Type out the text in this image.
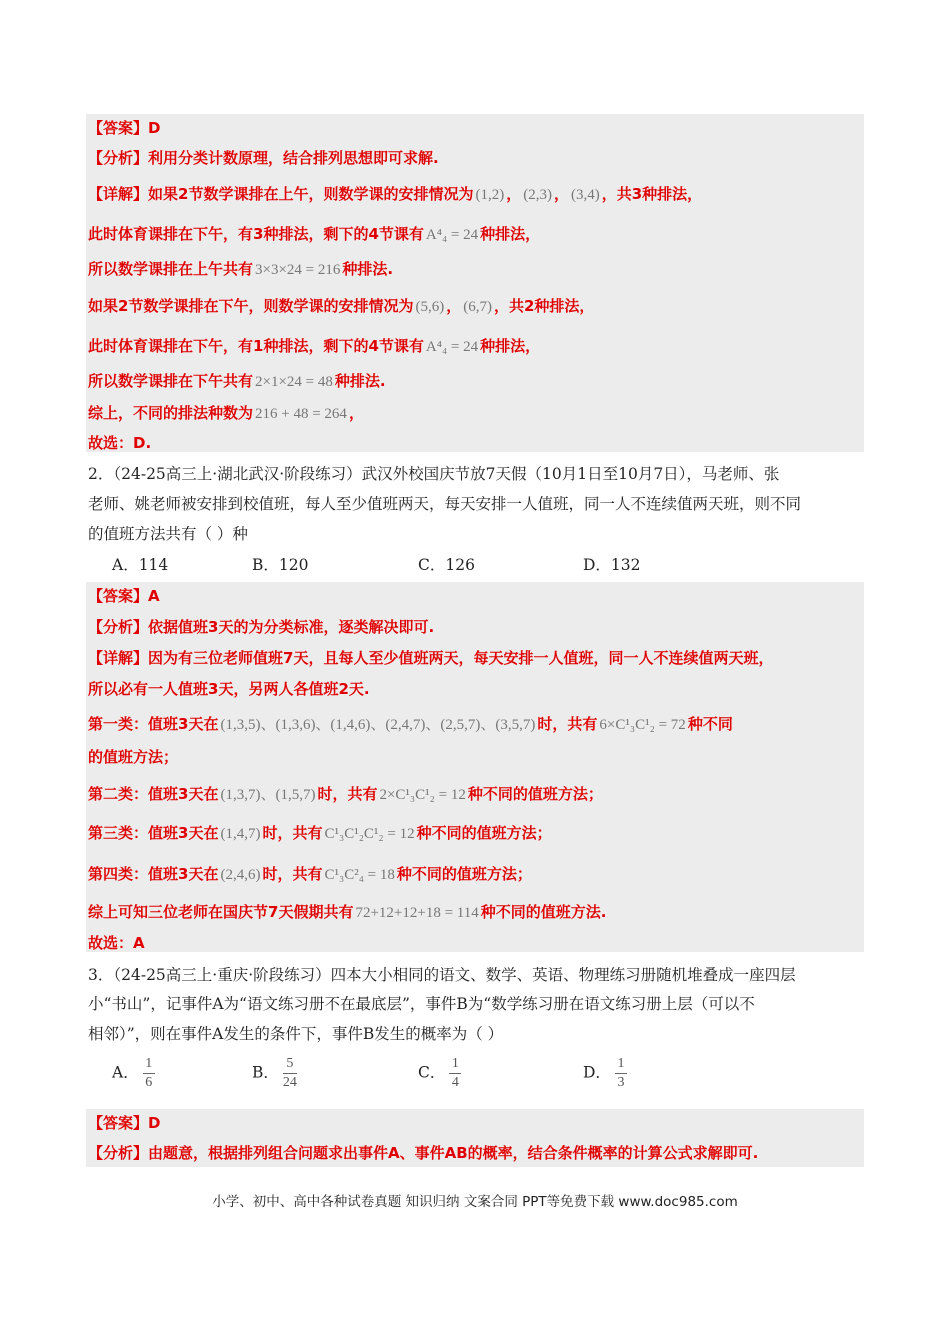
【答案】D
【分析】利用分类计数原理，结合排列思想即可求解.
【详解】如果2节数学课排在上午，则数学课的安排情况为 (1,2) ， (2,3) ， (3,4) ，共3种排法，
此时体育课排在下午，有3种排法，剩下的4节课有 A⁴₄ = 24 种排法，
所以数学课排在上午共有 3×3×24 = 216 种排法.
如果2节数学课排在下午，则数学课的安排情况为 (5,6) ， (6,7) ，共2种排法，
此时体育课排在下午，有1种排法，剩下的4节课有 A⁴₄ = 24 种排法，
所以数学课排在下午共有 2×1×24 = 48 种排法.
综上，不同的排法种数为 216 + 48 = 264 ，
故选：D.
2．（24-25高三上·湖北武汉·阶段练习）武汉外校国庆节放7天假（10月1日至10月7日），马老师、张
老师、姚老师被安排到校值班，每人至少值班两天，每天安排一人值班，同一人不连续值两天班，则不同
的值班方法共有（ ）种
A．114	B．120	C．126	D．132
【答案】A
【分析】依据值班3天的为分类标准，逐类解决即可.
【详解】因为有三位老师值班7天，且每人至少值班两天，每天安排一人值班，同一人不连续值两天班，
所以必有一人值班3天，另两人各值班2天.
第一类：值班3天在 (1,3,5)、(1,3,6)、(1,4,6)、(2,4,7)、(2,5,7)、(3,5,7) 时，共有 6×C¹₃C¹₂ = 72 种不同
的值班方法；
第二类：值班3天在 (1,3,7)、(1,5,7) 时，共有 2×C¹₃C¹₂ = 12 种不同的值班方法；
第三类：值班3天在 (1,4,7) 时，共有 C¹₃C¹₂C¹₂ = 12 种不同的值班方法；
第四类：值班3天在 (2,4,6) 时，共有 C¹₃C²₄ = 18 种不同的值班方法；
综上可知三位老师在国庆节7天假期共有 72+12+12+18 = 114 种不同的值班方法.
故选：A
3．（24-25高三上·重庆·阶段练习）四本大小相同的语文、数学、英语、物理练习册随机堆叠成一座四层
小“书山”，记事件A为“语文练习册不在最底层”，事件B为“数学练习册在语文练习册上层（可以不
相邻）”，则在事件A发生的条件下，事件B发生的概率为（ ）
A． $\frac{1}{6}$	B． $\frac{5}{24}$	C． $\frac{1}{4}$	D． $\frac{1}{3}$
【答案】D
【分析】由题意，根据排列组合问题求出事件A、事件AB的概率，结合条件概率的计算公式求解即可.
小学、初中、高中各种试卷真题 知识归纳 文案合同 PPT等免费下载 www.doc985.com
